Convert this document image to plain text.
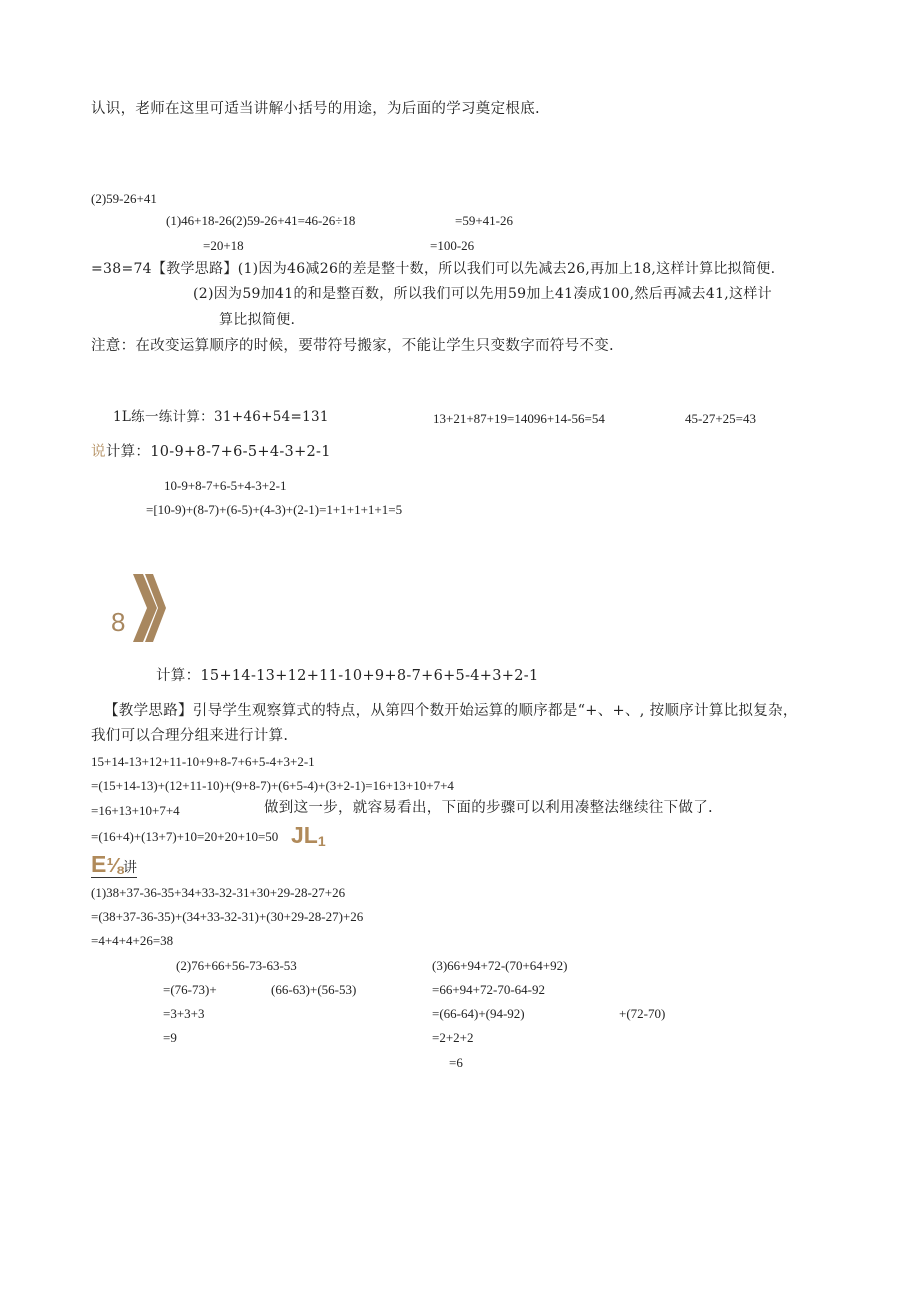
认识，老师在这里可适当讲解小括号的用途，为后面的学习奠定根底.
(2)59-26+41
(1)46+18-26(2)59-26+41=46-26÷18	=59+41-26
=20+18	=100-26
=38=74【教学思路】(1)因为46减26的差是整十数，所以我们可以先减去26,再加上18,这样计算比拟简便.
(2)因为59加41的和是整百数，所以我们可以先用59加上41凑成100,然后再减去41,这样计
算比拟简便.
注意：在改变运算顺序的时候，要带符号搬家，不能让学生只变数字而符号不变.
1L练一练计算：31+46+54=131	13+21+87+19=14096+14-56=54	45-27+25=43
说计算：10-9+8-7+6-5+4-3+2-1
10-9+8-7+6-5+4-3+2-1
=[10-9)+(8-7)+(6-5)+(4-3)+(2-1)=1+1+1+1+1=5
8
计算：15+14-13+12+11-10+9+8-7+6+5-4+3+2-1
【教学思路】引导学生观察算式的特点，从第四个数开始运算的顺序都是“+、+、, 按顺序计算比拟复杂，
我们可以合理分组来进行计算.
15+14-13+12+11-10+9+8-7+6+5-4+3+2-1
=(15+14-13)+(12+11-10)+(9+8-7)+(6+5-4)+(3+2-1)=16+13+10+7+4
=16+13+10+7+4	做到这一步，就容易看出，下面的步骤可以利用凑整法继续往下做了.
=(16+4)+(13+7)+10=20+20+10=50 JL1
E⅛讲
(1)38+37-36-35+34+33-32-31+30+29-28-27+26
=(38+37-36-35)+(34+33-32-31)+(30+29-28-27)+26
=4+4+4+26=38
(2)76+66+56-73-63-53
=(76-73)+	(66-63)+(56-53)
=3+3+3
=9
(3)66+94+72-(70+64+92)
=66+94+72-70-64-92
=(66-64)+(94-92)	+(72-70)
=2+2+2
=6
